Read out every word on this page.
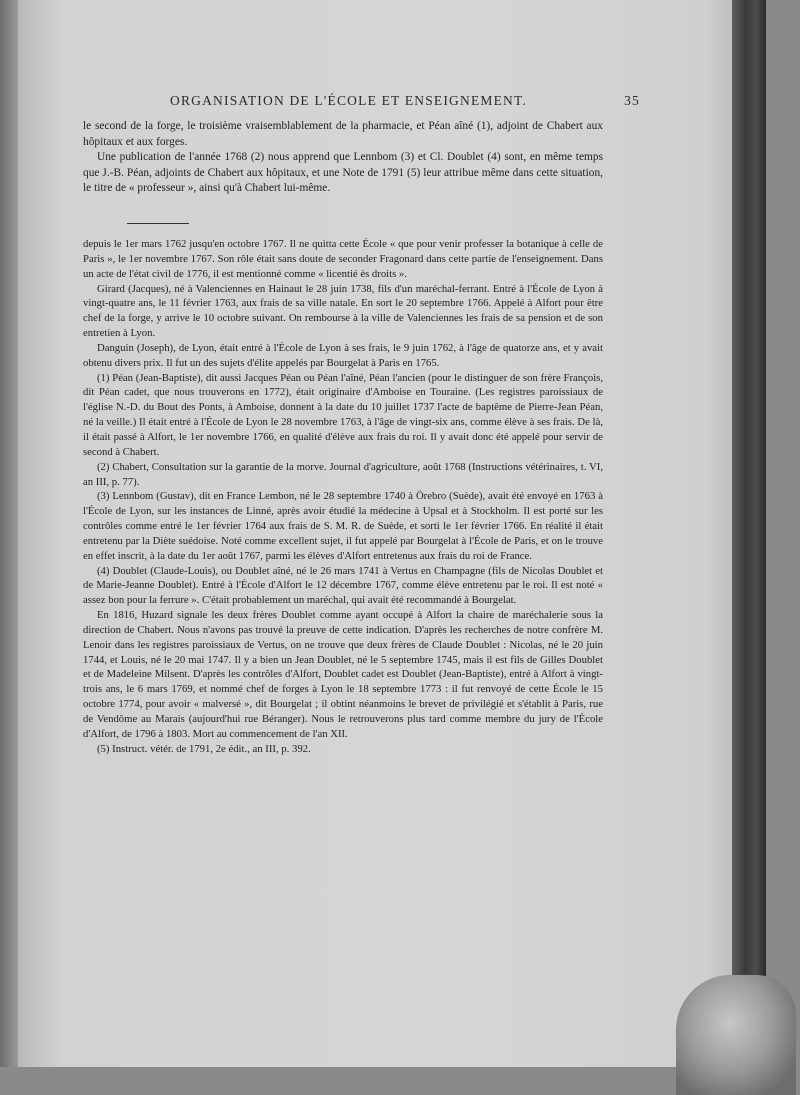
ORGANISATION DE L'ÉCOLE ET ENSEIGNEMENT.	35

le second de la forge, le troisième vraisemblablement de la pharmacie, et Péan aîné (1), adjoint de Chabert aux hôpitaux et aux forges.

Une publication de l'année 1768 (2) nous apprend que Lennbom (3) et Cl. Doublet (4) sont, en même temps que J.-B. Péan, adjoints de Chabert aux hôpitaux, et une Note de 1791 (5) leur attribue même dans cette situation, le titre de « professeur », ainsi qu'à Chabert lui-même.

depuis le 1er mars 1762 jusqu'en octobre 1767. Il ne quitta cette École « que pour venir professer la botanique à celle de Paris », le 1er novembre 1767. Son rôle était sans doute de seconder Fragonard dans cette partie de l'enseignement. Dans un acte de l'état civil de 1776, il est mentionné comme « licentié ès droits ».

Girard (Jacques), né à Valenciennes en Hainaut le 28 juin 1738, fils d'un maréchal-ferrant. Entré à l'École de Lyon à vingt-quatre ans, le 11 février 1763, aux frais de sa ville natale. En sort le 20 septembre 1766. Appelé à Alfort pour être chef de la forge, y arrive le 10 octobre suivant. On rembourse à la ville de Valenciennes les frais de sa pension et de son entretien à Lyon.

Danguin (Joseph), de Lyon, était entré à l'École de Lyon à ses frais, le 9 juin 1762, à l'âge de quatorze ans, et y avait obtenu divers prix. Il fut un des sujets d'élite appelés par Bourgelat à Paris en 1765.

(1) Péan (Jean-Baptiste), dit aussi Jacques Péan ou Péan l'aîné, Péan l'ancien (pour le distinguer de son frère François, dit Péan cadet, que nous trouverons en 1772), était originaire d'Amboise en Touraine. (Les registres paroissiaux de l'église N.-D. du Bout des Ponts, à Amboise, donnent à la date du 10 juillet 1737 l'acte de baptême de Pierre-Jean Péan, né la veille.) Il était entré à l'École de Lyon le 28 novembre 1763, à l'âge de vingt-six ans, comme élève à ses frais. De là, il était passé à Alfort, le 1er novembre 1766, en qualité d'élève aux frais du roi. Il y avait donc été appelé pour servir de second à Chabert.

(2) Chabert, Consultation sur la garantie de la morve. Journal d'agriculture, août 1768 (Instructions vétérinaires, t. VI, an III, p. 77).

(3) Lennbom (Gustav), dit en France Lembon, né le 28 septembre 1740 à Örebro (Suède), avait été envoyé en 1763 à l'École de Lyon, sur les instances de Linné, après avoir étudié la médecine à Upsal et à Stockholm. Il est porté sur les contrôles comme entré le 1er février 1764 aux frais de S. M. R. de Suède, et sorti le 1er février 1766. En réalité il était entretenu par la Diète suédoise. Noté comme excellent sujet, il fut appelé par Bourgelat à l'École de Paris, et on le trouve en effet inscrit, à la date du 1er août 1767, parmi les élèves d'Alfort entretenus aux frais du roi de France.

(4) Doublet (Claude-Louis), ou Doublet aîné, né le 26 mars 1741 à Vertus en Champagne (fils de Nicolas Doublet et de Marie-Jeanne Doublet). Entré à l'École d'Alfort le 12 décembre 1767, comme élève entretenu par le roi. Il est noté « assez bon pour la ferrure ». C'était probablement un maréchal, qui avait été recommandé à Bourgelat.

En 1816, Huzard signale les deux frères Doublet comme ayant occupé à Alfort la chaire de maréchalerie sous la direction de Chabert. Nous n'avons pas trouvé la preuve de cette indication. D'après les recherches de notre confrère M. Lenoir dans les registres paroissiaux de Vertus, on ne trouve que deux frères de Claude Doublet : Nicolas, né le 20 juin 1744, et Louis, né le 20 mai 1747. Il y a bien un Jean Doublet, né le 5 septembre 1745, mais il est fils de Gilles Doublet et de Madeleine Milsent. D'après les contrôles d'Alfort, Doublet cadet est Doublet (Jean-Baptiste), entré à Alfort à vingt-trois ans, le 6 mars 1769, et nommé chef de forges à Lyon le 18 septembre 1773 : il fut renvoyé de cette École le 15 octobre 1774, pour avoir « malversé », dit Bourgelat ; il obtint néanmoins le brevet de privilégié et s'établit à Paris, rue de Vendôme au Marais (aujourd'hui rue Béranger). Nous le retrouverons plus tard comme membre du jury de l'École d'Alfort, de 1796 à 1803. Mort au commencement de l'an XII.

(5) Instruct. vétér. de 1791, 2e édit., an III, p. 392.
